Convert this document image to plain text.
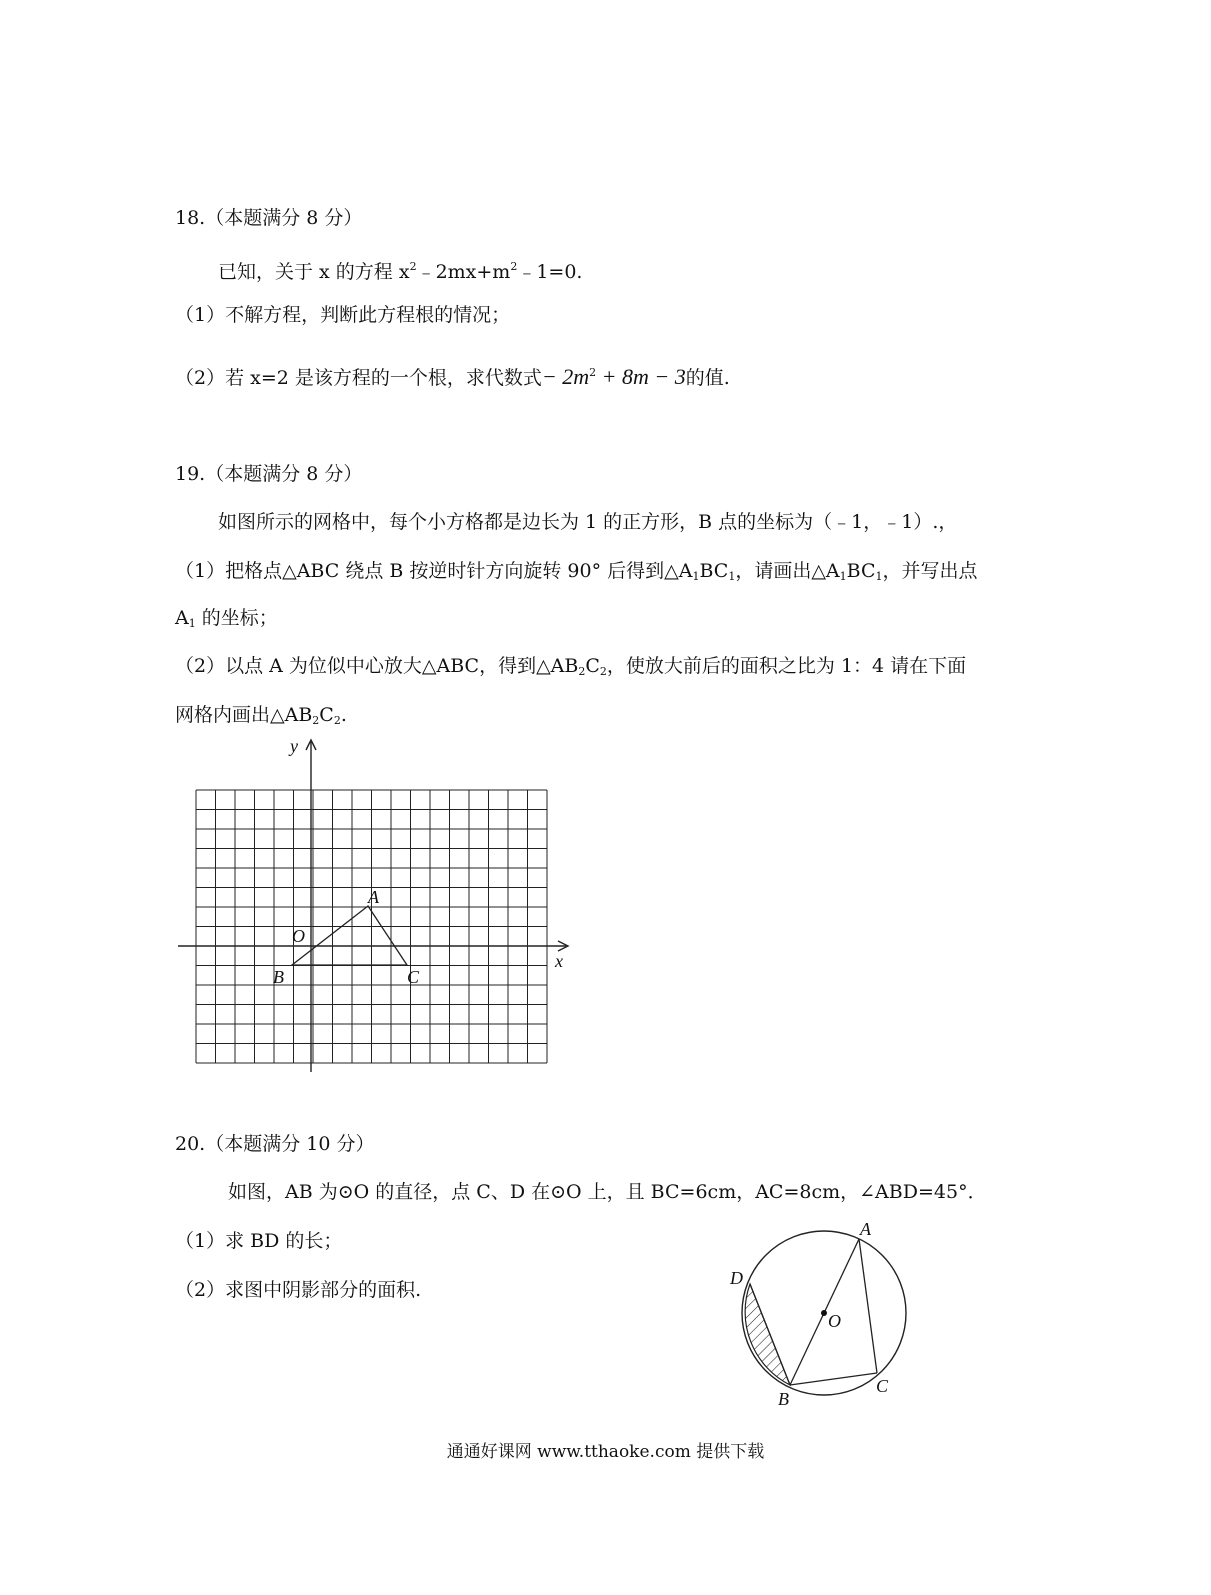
18.（本题满分 8 分）
已知，关于 x 的方程 $x^2﹣2mx+m^2﹣1=0$.
（1）不解方程，判断此方程根的情况；
（2）若 x=2 是该方程的一个根，求代数式− $2m^2 + 8m - 3$的值.
19.（本题满分 8 分）
如图所示的网格中，每个小方格都是边长为 1 的正方形，B 点的坐标为（﹣1，﹣1）.，
（1）把格点△ABC 绕点 B 按逆时针方向旋转 90° 后得到△A1BC1，请画出△A1BC1，并写出点
A1 的坐标；
（2）以点 A 为位似中心放大△ABC，得到△AB2C2，使放大前后的面积之比为 1：4 请在下面
网格内画出△AB2C2.
y
x
O
A
B	C
20.（本题满分 10 分）
如图，AB 为⊙O 的直径，点 C、D 在⊙O 上，且 BC=6cm，AC=8cm，∠ABD=45°．
（1）求 BD 的长；
（2）求图中阴影部分的面积.
A
B
C
D
O
通通好课网 www.tthaoke.com 提供下载
